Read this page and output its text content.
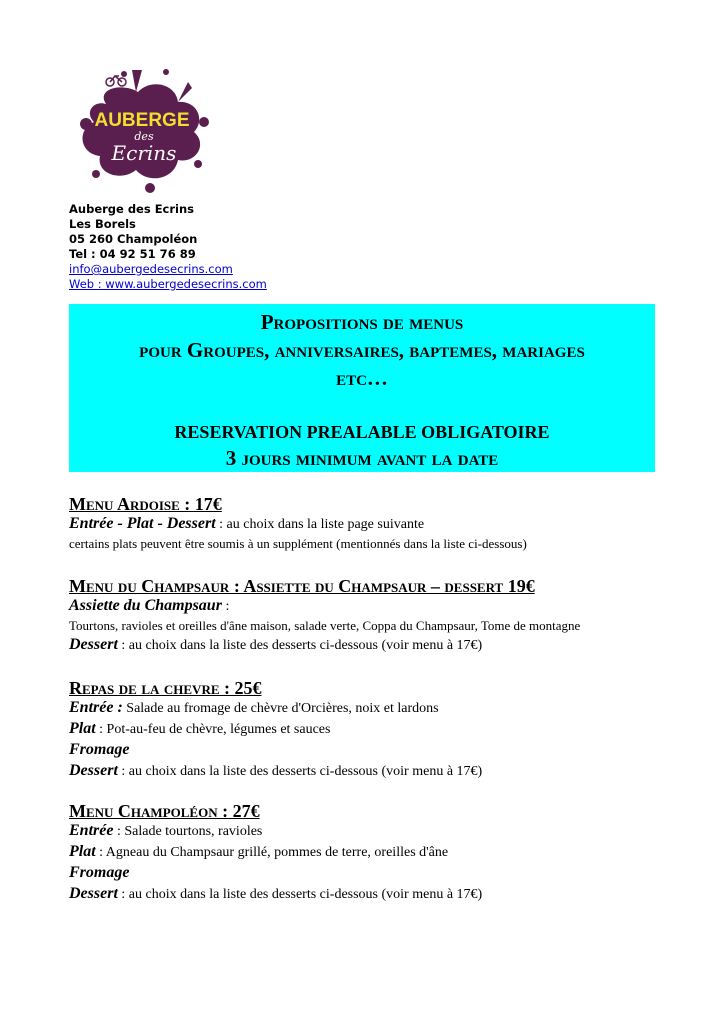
AUBERGE
des
Ecrins
Auberge des Ecrins
Les Borels
05 260 Champoléon
Tel : 04 92 51 76 89
info@aubergedesecrins.com
Web : www.aubergedesecrins.com
Propositions de menus
pour Groupes, anniversaires, baptemes, mariages
etc…
RESERVATION PREALABLE OBLIGATOIRE
3 jours minimum avant la date
Menu Ardoise : 17€
Entrée - Plat - Dessert : au choix dans la liste page suivante
certains plats peuvent être soumis à un supplément (mentionnés dans la liste ci-dessous)
Menu du Champsaur : Assiette du Champsaur – dessert 19€
Assiette du Champsaur :
Tourtons, ravioles et oreilles d'âne maison, salade verte, Coppa du Champsaur, Tome de montagne
Dessert : au choix dans la liste des desserts ci-dessous (voir menu à 17€)
Repas de la chevre : 25€
Entrée : Salade au fromage de chèvre d'Orcières, noix et lardons
Plat : Pot-au-feu de chèvre, légumes et sauces
Fromage
Dessert : au choix dans la liste des desserts ci-dessous (voir menu à 17€)
Menu Champoléon : 27€
Entrée : Salade tourtons, ravioles
Plat : Agneau du Champsaur grillé, pommes de terre, oreilles d'âne
Fromage
Dessert : au choix dans la liste des desserts ci-dessous (voir menu à 17€)
